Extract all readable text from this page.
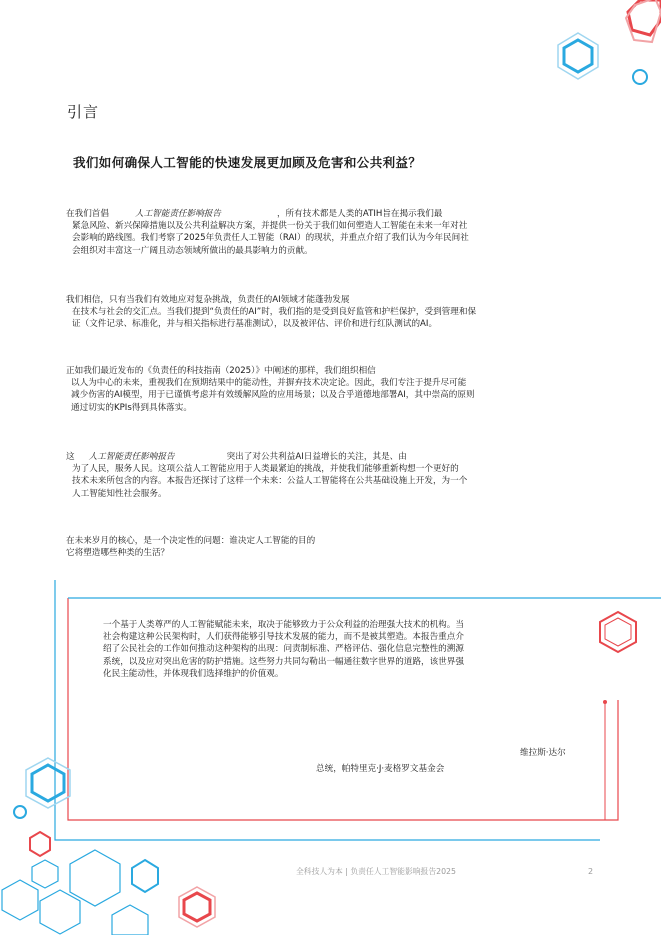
引言
我们如何确保人工智能的快速发展更加顾及危害和公共利益？
在我们首倡	人工智能责任影响报告	，所有技术都是人类的ATIH旨在揭示我们最
紧急风险、新兴保障措施以及公共利益解决方案，并提供一份关于我们如何塑造人工智能在未来一年对社
会影响的路线图。我们考察了2025年负责任人工智能（RAI）的现状，并重点介绍了我们认为今年民间社
会组织对丰富这一广阔且动态领域所做出的最具影响力的贡献。
我们相信，只有当我们有效地应对复杂挑战，负责任的AI领域才能蓬勃发展
在技术与社会的交汇点。当我们提到“负责任的AI”时，我们指的是受到良好监管和护栏保护，受到管理和保
证（文件记录、标准化，并与相关指标进行基准测试），以及被评估、评价和进行红队测试的AI。
正如我们最近发布的《负责任的科技指南（2025）》中阐述的那样，我们组织相信
以人为中心的未来，重视我们在预期结果中的能动性，并摒弃技术决定论。因此，我们专注于提升尽可能
减少伤害的AI模型，用于已谨慎考虑并有效缓解风险的应用场景；以及合乎道德地部署AI，其中崇高的原则
通过切实的KPIs得到具体落实。
这 人工智能责任影响报告	突出了对公共利益AI日益增长的关注，其是、由
为了人民，服务人民。这项公益人工智能应用于人类最紧迫的挑战，并使我们能够重新构想一个更好的
技术未来所包含的内容。本报告还探讨了这样一个未来：公益人工智能将在公共基础设施上开发，为一个
人工智能知性社会服务。
在未来岁月的核心，是一个决定性的问题：谁决定人工智能的目的
它将塑造哪些种类的生活？
一个基于人类尊严的人工智能赋能未来，取决于能够致力于公众利益的治理强大技术的机构。当
社会构建这种公民架构时，人们获得能够引导技术发展的能力，而不是被其塑造。本报告重点介
绍了公民社会的工作如何推动这种架构的出现：问责制标准、严格评估、强化信息完整性的溯源
系统，以及应对突出危害的防护措施。这些努力共同勾勒出一幅通往数字世界的道路，该世界强
化民主能动性，并体现我们选择维护的价值观。
维拉斯·达尔
总统，帕特里克·J·麦格罗文基金会
全科技人为本 | 负责任人工智能影响报告2025	2
